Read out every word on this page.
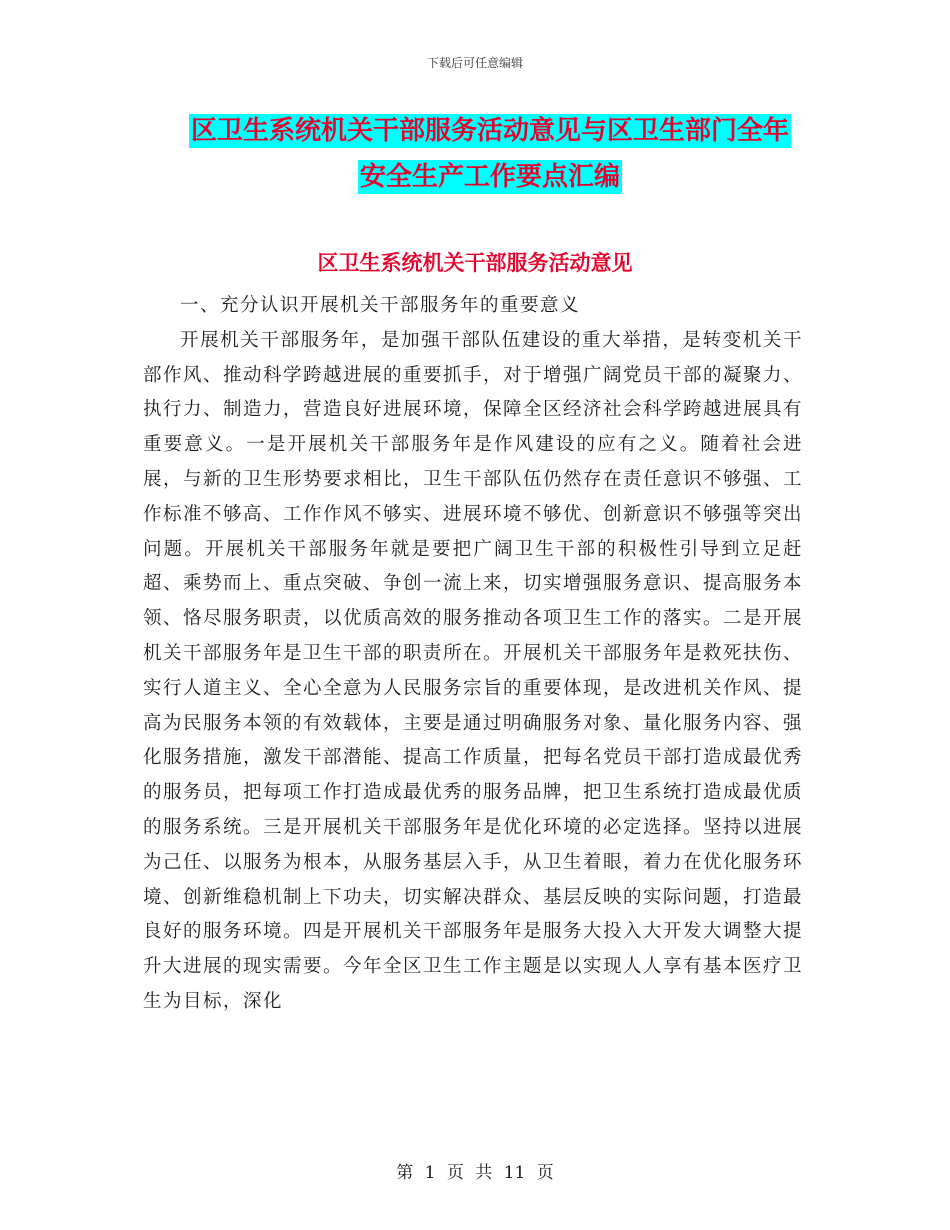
下载后可任意编辑
区卫生系统机关干部服务活动意见与区卫生部门全年
安全生产工作要点汇编
区卫生系统机关干部服务活动意见

一、充分认识开展机关干部服务年的重要意义

开展机关干部服务年，是加强干部队伍建设的重大举措，是转变机关干部作风、推动科学跨越进展的重要抓手，对于增强广阔党员干部的凝聚力、执行力、制造力，营造良好进展环境，保障全区经济社会科学跨越进展具有重要意义。一是开展机关干部服务年是作风建设的应有之义。随着社会进展，与新的卫生形势要求相比，卫生干部队伍仍然存在责任意识不够强、工作标准不够高、工作作风不够实、进展环境不够优、创新意识不够强等突出问题。开展机关干部服务年就是要把广阔卫生干部的积极性引导到立足赶超、乘势而上、重点突破、争创一流上来，切实增强服务意识、提高服务本领、恪尽服务职责，以优质高效的服务推动各项卫生工作的落实。二是开展机关干部服务年是卫生干部的职责所在。开展机关干部服务年是救死扶伤、实行人道主义、全心全意为人民服务宗旨的重要体现，是改进机关作风、提高为民服务本领的有效载体，主要是通过明确服务对象、量化服务内容、强化服务措施，激发干部潜能、提高工作质量，把每名党员干部打造成最优秀的服务员，把每项工作打造成最优秀的服务品牌，把卫生系统打造成最优质的服务系统。三是开展机关干部服务年是优化环境的必定选择。坚持以进展为己任、以服务为根本，从服务基层入手，从卫生着眼，着力在优化服务环境、创新维稳机制上下功夫，切实解决群众、基层反映的实际问题，打造最良好的服务环境。四是开展机关干部服务年是服务大投入大开发大调整大提升大进展的现实需要。今年全区卫生工作主题是以实现人人享有基本医疗卫生为目标，深化

第 1 页 共 11 页
